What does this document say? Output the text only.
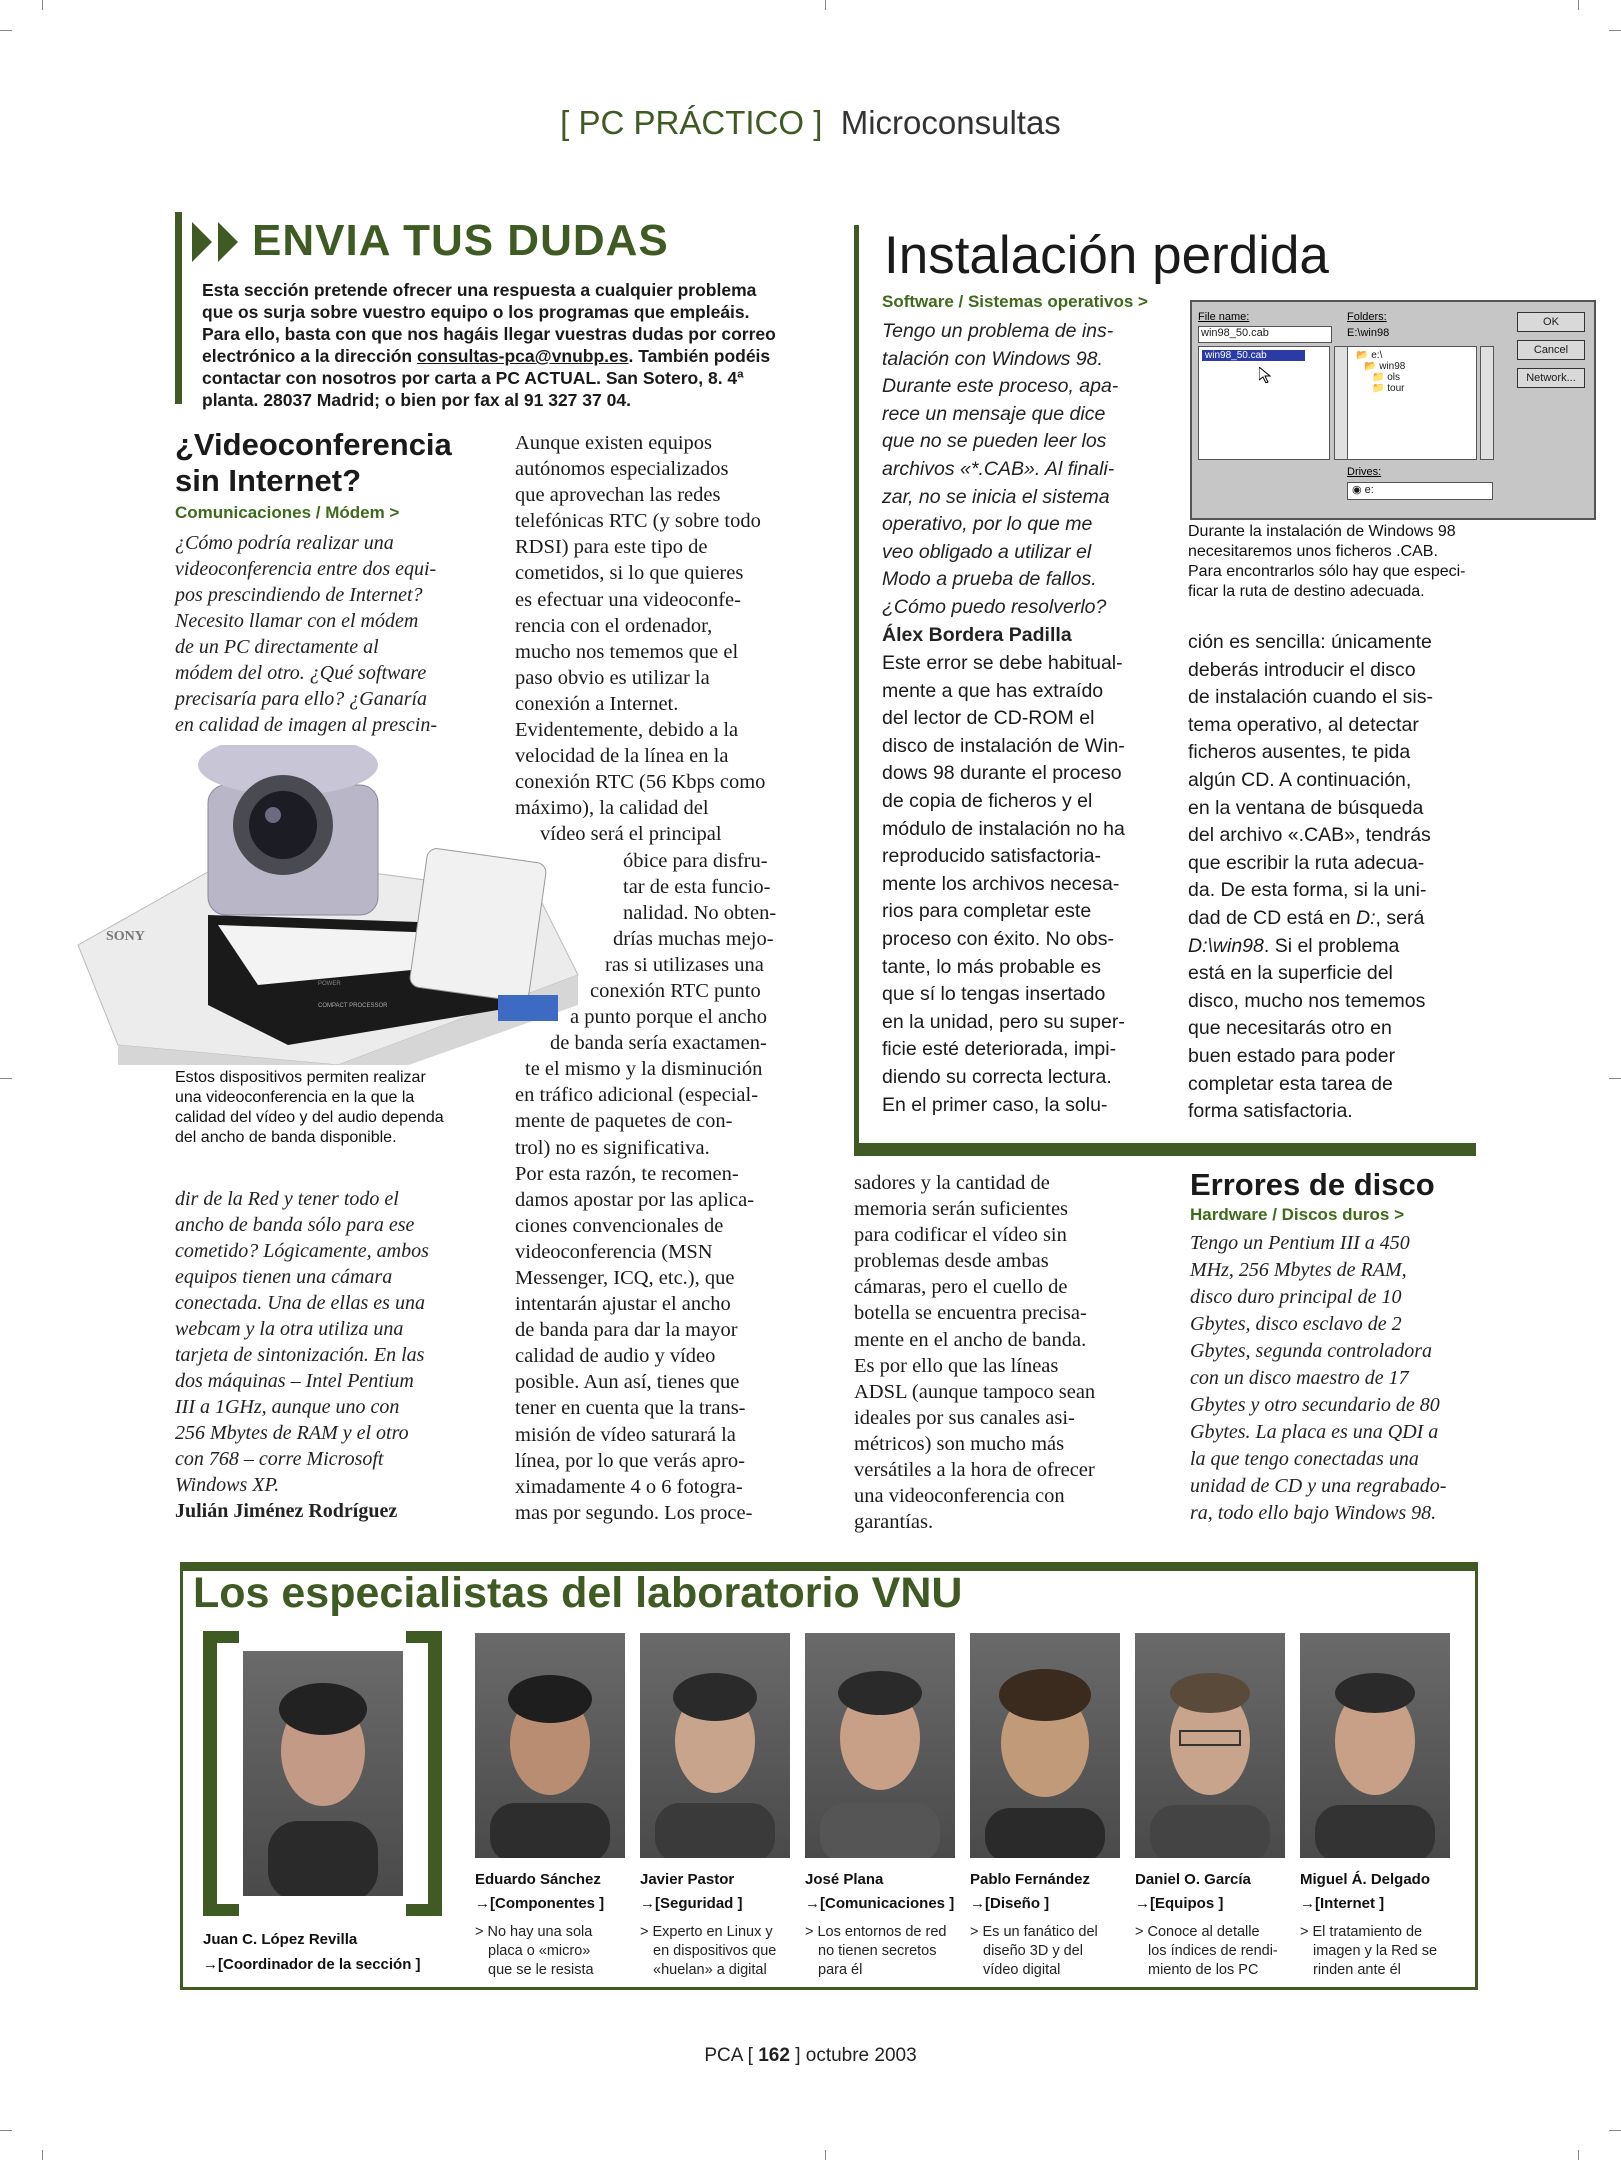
[ PC PRÁCTICO ] Microconsultas
ENVIA TUS DUDAS
Esta sección pretende ofrecer una respuesta a cualquier problema
que os surja sobre vuestro equipo o los programas que empleáis.
Para ello, basta con que nos hagáis llegar vuestras dudas por correo
electrónico a la dirección consultas-pca@vnubp.es. También podéis
contactar con nosotros por carta a PC ACTUAL. San Sotero, 8. 4ª
planta. 28037 Madrid; o bien por fax al 91 327 37 04.
¿Videoconferencia
sin Internet?
Comunicaciones / Módem >
¿Cómo podría realizar una
videoconferencia entre dos equi-
pos prescindiendo de Internet?
Necesito llamar con el módem
de un PC directamente al
módem del otro. ¿Qué software
precisaría para ello? ¿Ganaría
en calidad de imagen al prescin-
SONY
POWER
COMPACT PROCESSOR
Estos dispositivos permiten realizar
una videoconferencia en la que la
calidad del vídeo y del audio dependa
del ancho de banda disponible.
dir de la Red y tener todo el
ancho de banda sólo para ese
cometido? Lógicamente, ambos
equipos tienen una cámara
conectada. Una de ellas es una
webcam y la otra utiliza una
tarjeta de sintonización. En las
dos máquinas – Intel Pentium
III a 1GHz, aunque uno con
256 Mbytes de RAM y el otro
con 768 – corre Microsoft
Windows XP.
Julián Jiménez Rodríguez
Aunque existen equipos
autónomos especializados
que aprovechan las redes
telefónicas RTC (y sobre todo
RDSI) para este tipo de
cometidos, si lo que quieres
es efectuar una videoconfe-
rencia con el ordenador,
mucho nos tememos que el
paso obvio es utilizar la
conexión a Internet.
Evidentemente, debido a la
velocidad de la línea en la
conexión RTC (56 Kbps como
máximo), la calidad del
vídeo será el principal
óbice para disfru-
tar de esta funcio-
nalidad. No obten-
drías muchas mejo-
ras si utilizases una
conexión RTC punto
a punto porque el ancho
de banda sería exactamen-
te el mismo y la disminución
en tráfico adicional (especial-
mente de paquetes de con-
trol) no es significativa.
Por esta razón, te recomen-
damos apostar por las aplica-
ciones convencionales de
videoconferencia (MSN
Messenger, ICQ, etc.), que
intentarán ajustar el ancho
de banda para dar la mayor
calidad de audio y vídeo
posible. Aun así, tienes que
tener en cuenta que la trans-
misión de vídeo saturará la
línea, por lo que verás apro-
ximadamente 4 o 6 fotogra-
mas por segundo. Los proce-
sadores y la cantidad de
memoria serán suficientes
para codificar el vídeo sin
problemas desde ambas
cámaras, pero el cuello de
botella se encuentra precisa-
mente en el ancho de banda.
Es por ello que las líneas
ADSL (aunque tampoco sean
ideales por sus canales asi-
métricos) son mucho más
versátiles a la hora de ofrecer
una videoconferencia con
garantías.
Instalación perdida
Software / Sistemas operativos >
Tengo un problema de ins-
talación con Windows 98.
Durante este proceso, apa-
rece un mensaje que dice
que no se pueden leer los
archivos «*.CAB». Al finali-
zar, no se inicia el sistema
operativo, por lo que me
veo obligado a utilizar el
Modo a prueba de fallos.
¿Cómo puedo resolverlo?
Álex Bordera Padilla
Este error se debe habitual-
mente a que has extraído
del lector de CD-ROM el
disco de instalación de Win-
dows 98 durante el proceso
de copia de ficheros y el
módulo de instalación no ha
reproducido satisfactoria-
mente los archivos necesa-
rios para completar este
proceso con éxito. No obs-
tante, lo más probable es
que sí lo tengas insertado
en la unidad, pero su super-
ficie esté deteriorada, impi-
diendo su correcta lectura.
En el primer caso, la solu-
File name:
win98_50.cab
win98_50.cab
Folders:
E:\win98
📂 e:\
📂 win98
📁 ols
📁 tour
Drives:
◉ e:
OK
Cancel
Network...
Durante la instalación de Windows 98
necesitaremos unos ficheros .CAB.
Para encontrarlos sólo hay que especi-
ficar la ruta de destino adecuada.
ción es sencilla: únicamente
deberás introducir el disco
de instalación cuando el sis-
tema operativo, al detectar
ficheros ausentes, te pida
algún CD. A continuación,
en la ventana de búsqueda
del archivo «.CAB», tendrás
que escribir la ruta adecua-
da. De esta forma, si la uni-
dad de CD está en D:, será
D:\win98. Si el problema
está en la superficie del
disco, mucho nos tememos
que necesitarás otro en
buen estado para poder
completar esta tarea de
forma satisfactoria.
Errores de disco
Hardware / Discos duros >
Tengo un Pentium III a 450
MHz, 256 Mbytes de RAM,
disco duro principal de 10
Gbytes, disco esclavo de 2
Gbytes, segunda controladora
con un disco maestro de 17
Gbytes y otro secundario de 80
Gbytes. La placa es una QDI a
la que tengo conectadas una
unidad de CD y una regrabado-
ra, todo ello bajo Windows 98.
Los especialistas del laboratorio VNU
Juan C. López Revilla
→[Coordinador de la sección ]
Eduardo Sánchez
→[Componentes ]
> No hay una sola
placa o «micro»
que se le resista
Javier Pastor
→[Seguridad ]
> Experto en Linux y
en dispositivos que
«huelan» a digital
José Plana
→[Comunicaciones ]
> Los entornos de red
no tienen secretos
para él
Pablo Fernández
→[Diseño ]
> Es un fanático del
diseño 3D y del
vídeo digital
Daniel O. García
→[Equipos ]
> Conoce al detalle
los índices de rendi-
miento de los PC
Miguel Á. Delgado
→[Internet ]
> El tratamiento de
imagen y la Red se
rinden ante él
PCA [ 162 ] octubre 2003
